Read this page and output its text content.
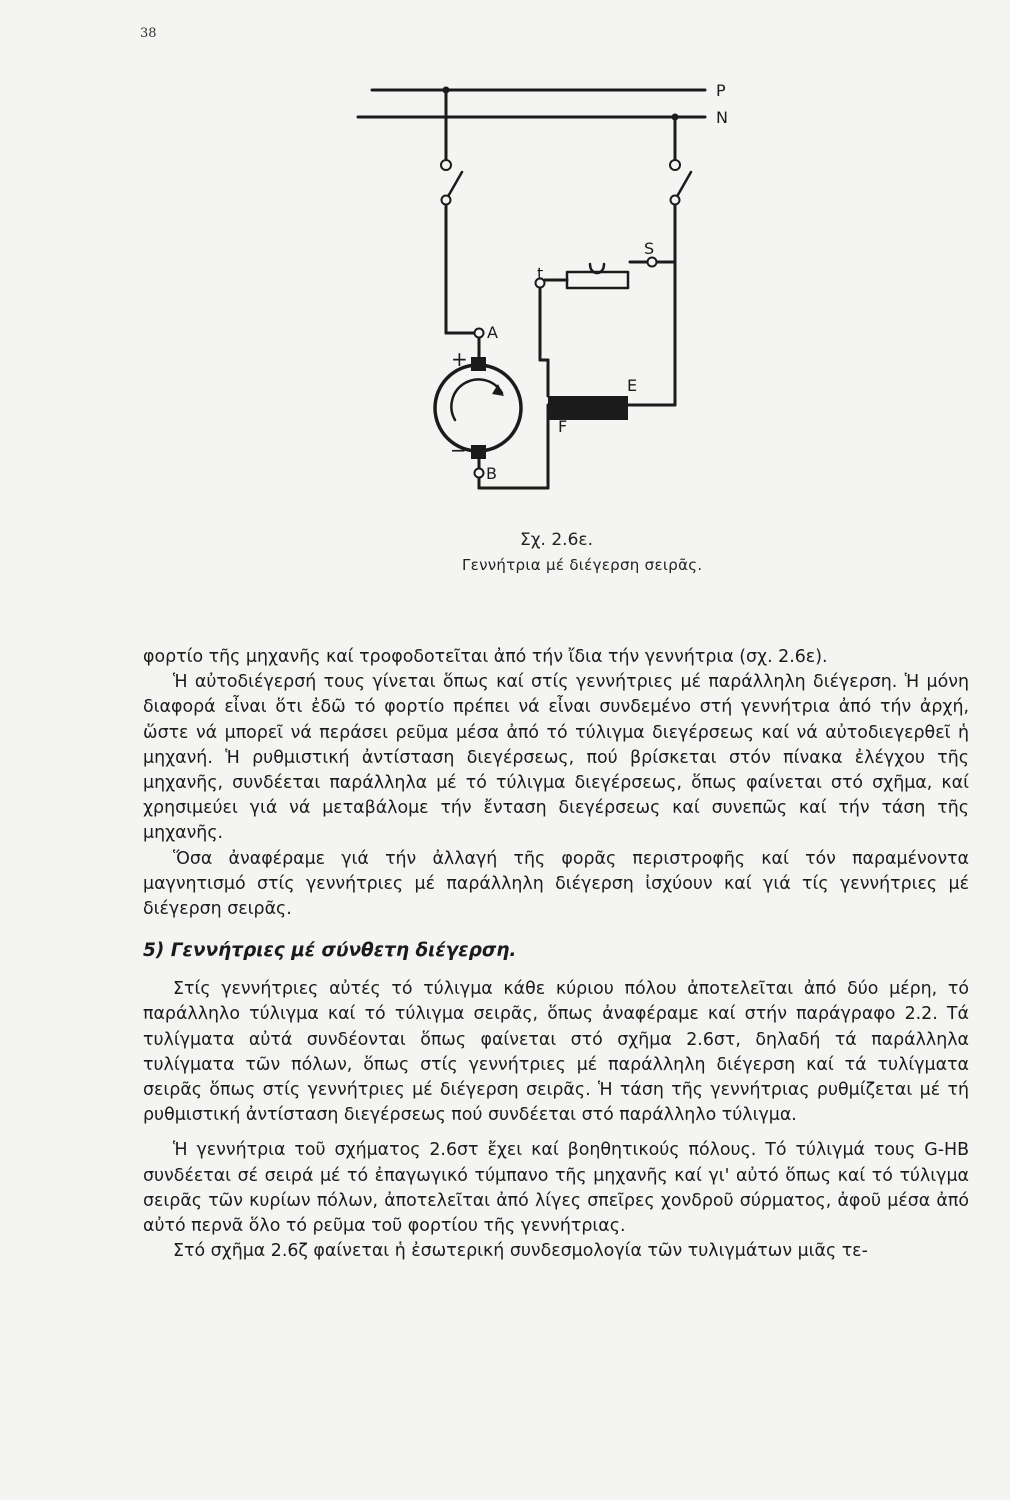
38
P
N
S
t
A
+
−
B
E
F
Σχ. 2.6ε.
Γεννήτρια μέ διέγερση σειρᾶς.

φορτίο τῆς μηχανῆς καί τροφοδοτεῖται ἀπό τήν ἴδια τήν γεννήτρια (σχ. 2.6ε).

Ἡ αὐτοδιέγερσή τους γίνεται ὅπως καί στίς γεννήτριες μέ παράλληλη διέγερση. Ἡ μόνη διαφορά εἶναι ὅτι ἐδῶ τό φορτίο πρέπει νά εἶναι συνδεμένο στή γεννήτρια ἀπό τήν ἀρχή, ὥστε νά μπορεῖ νά περάσει ρεῦμα μέσα ἀπό τό τύλιγμα διεγέρσεως καί νά αὐτοδιεγερθεῖ ἡ μηχανή. Ἡ ρυθμιστική ἀντίσταση διεγέρσεως, πού βρίσκεται στόν πίνακα ἐλέγχου τῆς μηχανῆς, συνδέεται παράλληλα μέ τό τύλιγμα διεγέρσεως, ὅπως φαίνεται στό σχῆμα, καί χρησιμεύει γιά νά μεταβάλομε τήν ἔνταση διεγέρσεως καί συνεπῶς καί τήν τάση τῆς μηχανῆς.

Ὅσα ἀναφέραμε γιά τήν ἀλλαγή τῆς φορᾶς περιστροφῆς καί τόν παραμένοντα μαγνητισμό στίς γεννήτριες μέ παράλληλη διέγερση ἰσχύουν καί γιά τίς γεννήτριες μέ διέγερση σειρᾶς.

5) Γεννήτριες μέ σύνθετη διέγερση.

Στίς γεννήτριες αὐτές τό τύλιγμα κάθε κύριου πόλου ἀποτελεῖται ἀπό δύο μέρη, τό παράλληλο τύλιγμα καί τό τύλιγμα σειρᾶς, ὅπως ἀναφέραμε καί στήν παράγραφο 2.2. Τά τυλίγματα αὐτά συνδέονται ὅπως φαίνεται στό σχῆμα 2.6στ, δηλαδή τά παράλληλα τυλίγματα τῶν πόλων, ὅπως στίς γεννήτριες μέ παράλληλη διέγερση καί τά τυλίγματα σειρᾶς ὅπως στίς γεννήτριες μέ διέγερση σειρᾶς. Ἡ τάση τῆς γεννήτριας ρυθμίζεται μέ τή ρυθμιστική ἀντίσταση διεγέρσεως πού συνδέεται στό παράλληλο τύλιγμα.

Ἡ γεννήτρια τοῦ σχήματος 2.6στ ἔχει καί βοηθητικούς πόλους. Τό τύλιγμά τους G-HB συνδέεται σέ σειρά μέ τό ἐπαγωγικό τύμπανο τῆς μηχανῆς καί γι' αὐτό ὅπως καί τό τύλιγμα σειρᾶς τῶν κυρίων πόλων, ἀποτελεῖται ἀπό λίγες σπεῖρες χονδροῦ σύρματος, ἀφοῦ μέσα ἀπό αὐτό περνᾶ ὅλο τό ρεῦμα τοῦ φορτίου τῆς γεννήτριας.

Στό σχῆμα 2.6ζ φαίνεται ἡ ἐσωτερική συνδεσμολογία τῶν τυλιγμάτων μιᾶς τε-
